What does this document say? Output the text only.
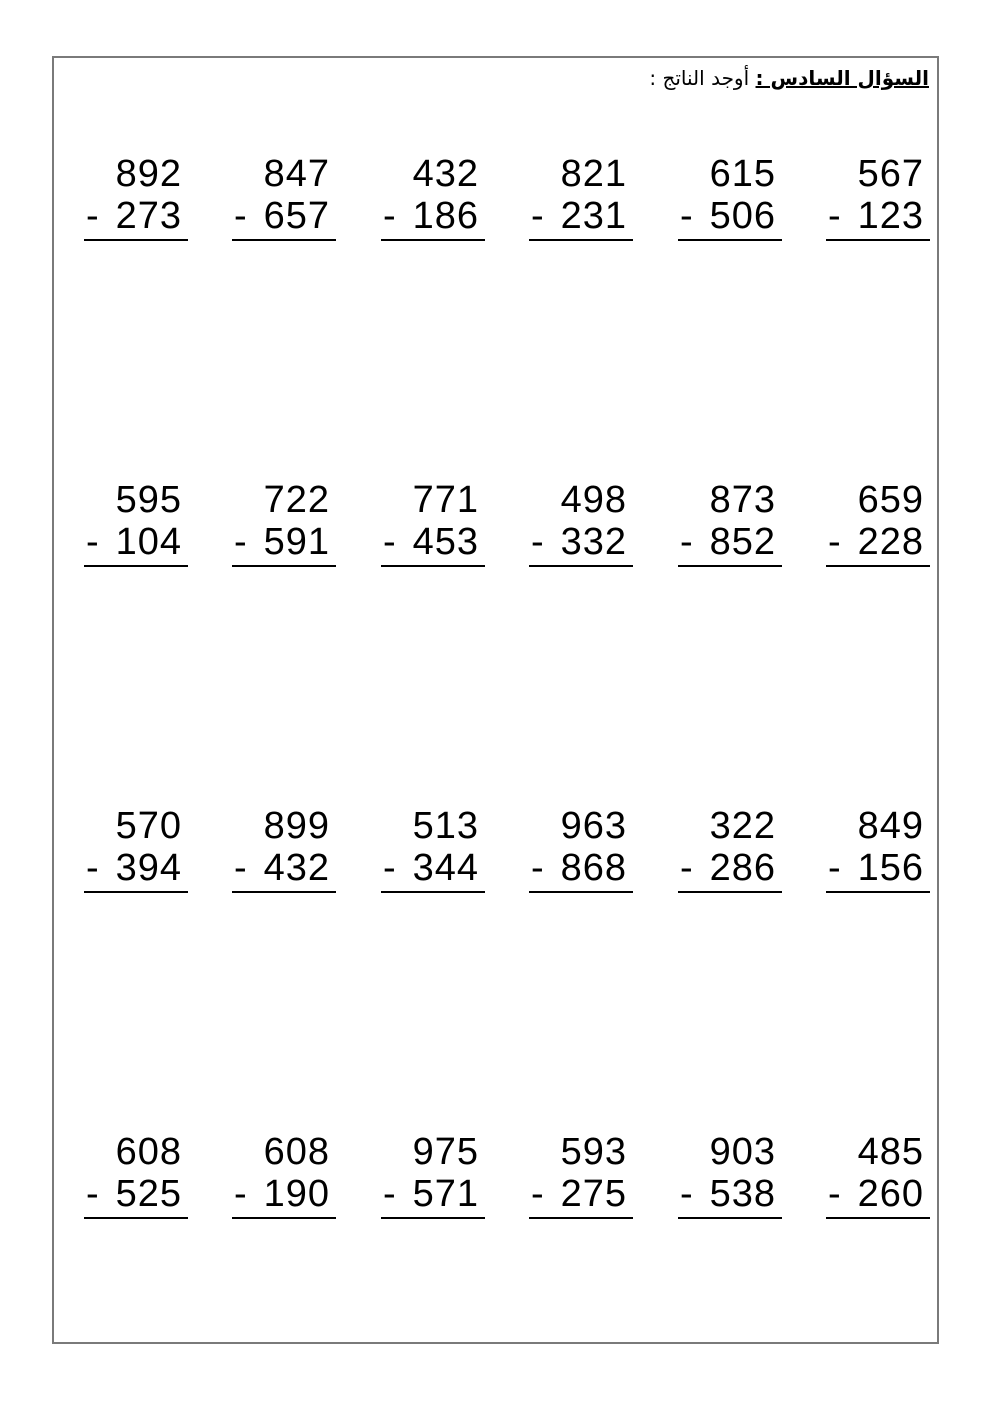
السؤال السادس : أوجد الناتج :
892
- 273
847
- 657
432
- 186
821
- 231
615
- 506
567
- 123
595
- 104
722
- 591
771
- 453
498
- 332
873
- 852
659
- 228
570
- 394
899
- 432
513
- 344
963
- 868
322
- 286
849
- 156
608
- 525
608
- 190
975
- 571
593
- 275
903
- 538
485
- 260
